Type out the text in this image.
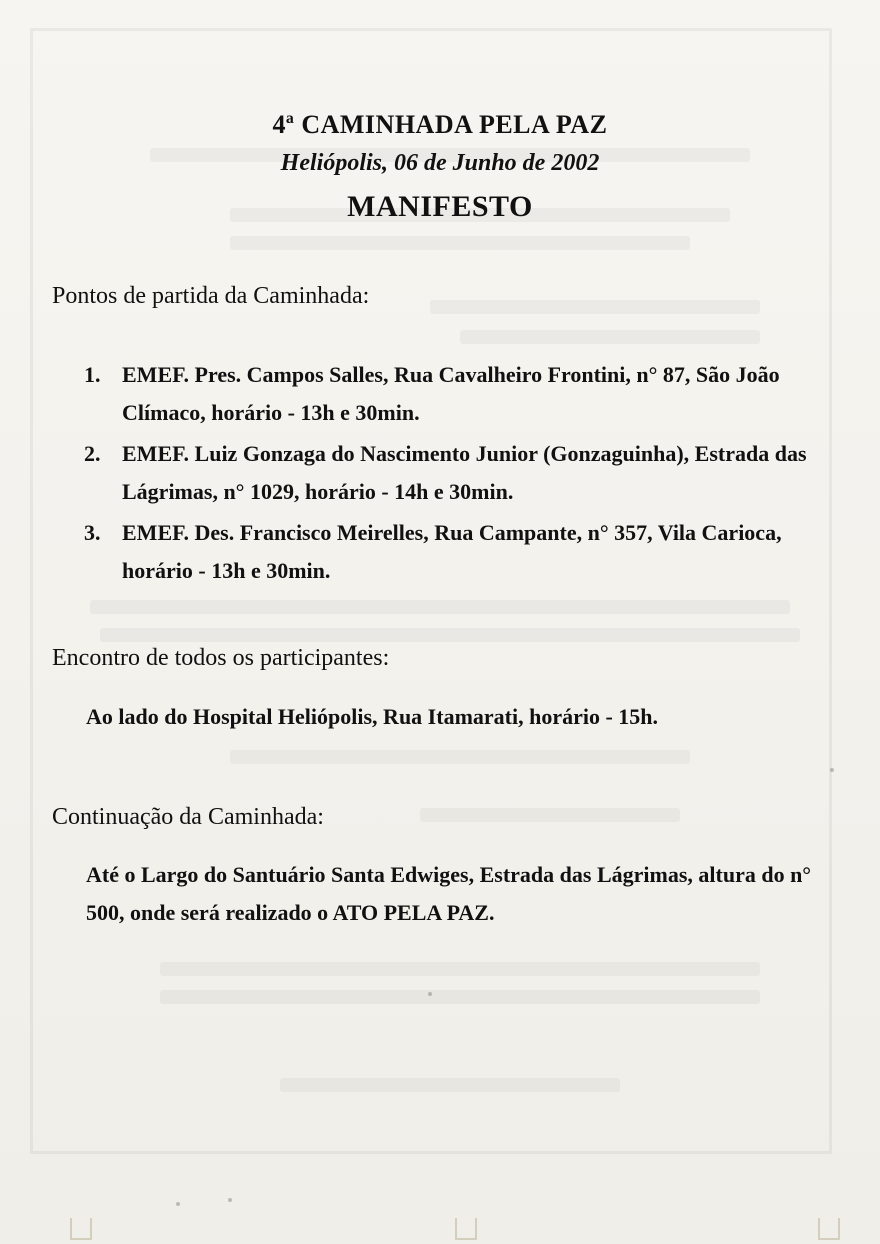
4ª CAMINHADA PELA PAZ
Heliópolis, 06 de Junho de 2002
MANIFESTO
Pontos de partida da Caminhada:
1. EMEF. Pres. Campos Salles, Rua Cavalheiro Frontini, n° 87, São João Clímaco, horário - 13h e 30min.
2. EMEF. Luiz Gonzaga do Nascimento Junior (Gonzaguinha), Estrada das Lágrimas, n° 1029, horário - 14h e 30min.
3. EMEF. Des. Francisco Meirelles, Rua Campante, n° 357, Vila Carioca, horário - 13h e 30min.
Encontro de todos os participantes:
Ao lado do Hospital Heliópolis, Rua Itamarati, horário - 15h.
Continuação da Caminhada:
Até o Largo do Santuário Santa Edwiges, Estrada das Lágrimas, altura do n° 500, onde será realizado o ATO PELA PAZ.
